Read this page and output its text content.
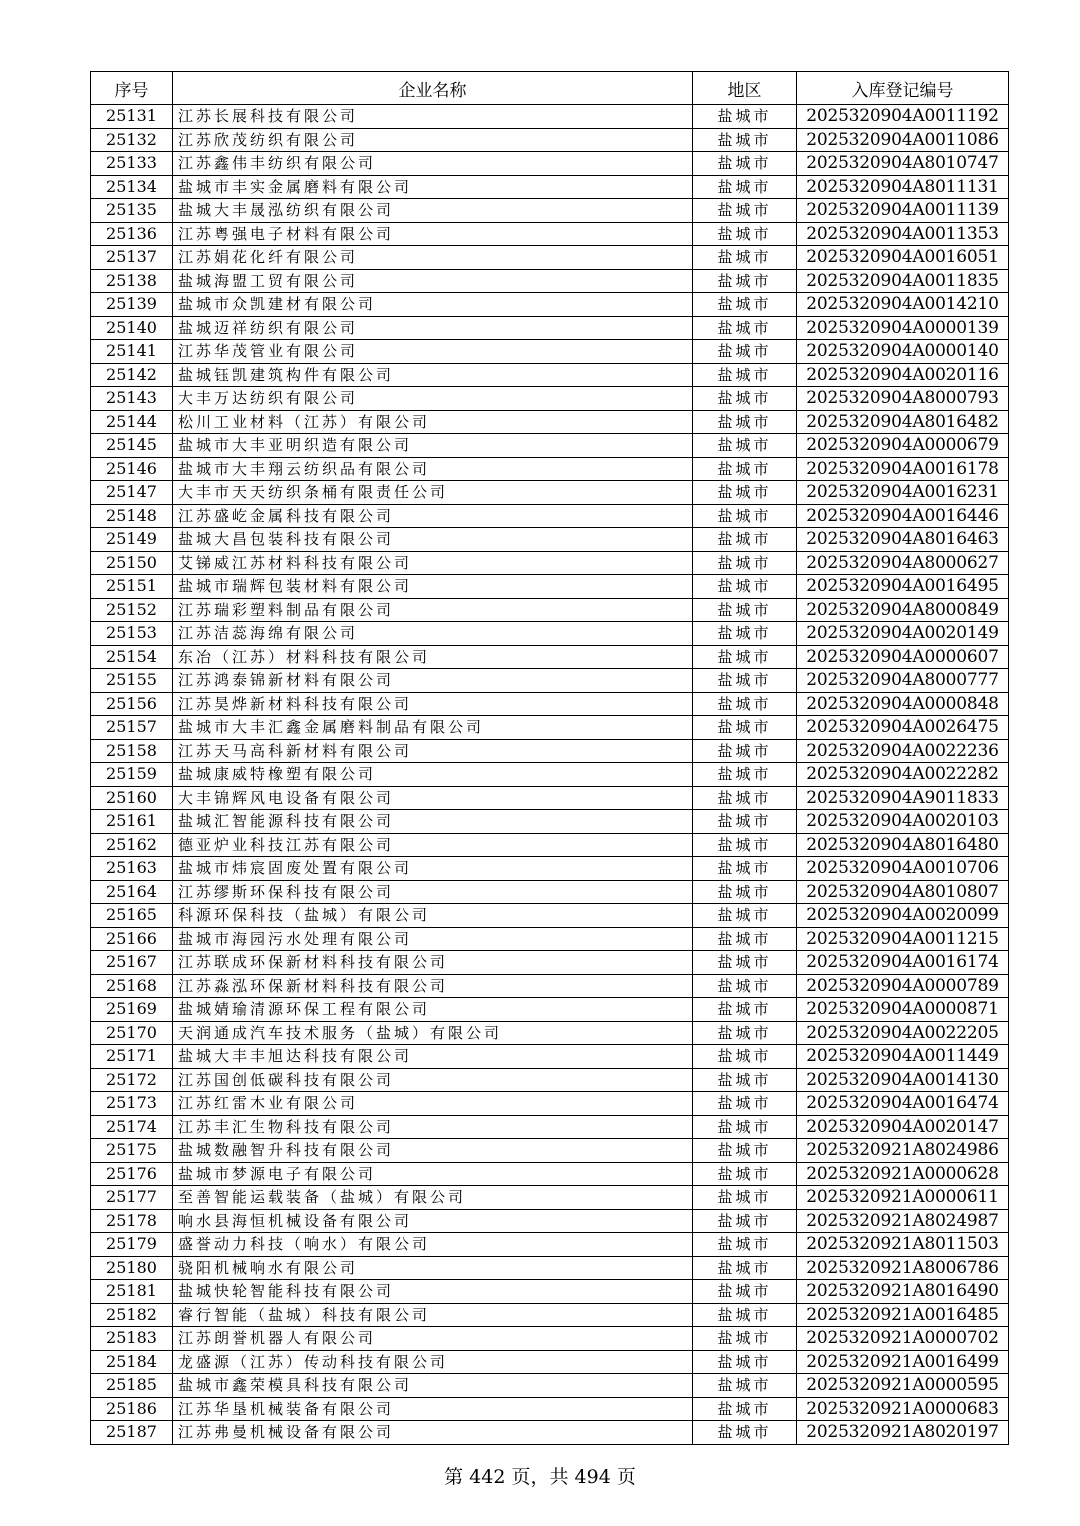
序号	企业名称	地区	入库登记编号
25131	江苏长展科技有限公司	盐城市	2025320904A0011192
25132	江苏欣茂纺织有限公司	盐城市	2025320904A0011086
25133	江苏鑫伟丰纺织有限公司	盐城市	2025320904A8010747
25134	盐城市丰实金属磨料有限公司	盐城市	2025320904A8011131
25135	盐城大丰晟泓纺织有限公司	盐城市	2025320904A0011139
25136	江苏粤强电子材料有限公司	盐城市	2025320904A0011353
25137	江苏娟花化纤有限公司	盐城市	2025320904A0016051
25138	盐城海盟工贸有限公司	盐城市	2025320904A0011835
25139	盐城市众凯建材有限公司	盐城市	2025320904A0014210
25140	盐城迈祥纺织有限公司	盐城市	2025320904A0000139
25141	江苏华茂管业有限公司	盐城市	2025320904A0000140
25142	盐城钰凯建筑构件有限公司	盐城市	2025320904A0020116
25143	大丰万达纺织有限公司	盐城市	2025320904A8000793
25144	松川工业材料（江苏）有限公司	盐城市	2025320904A8016482
25145	盐城市大丰亚明织造有限公司	盐城市	2025320904A0000679
25146	盐城市大丰翔云纺织品有限公司	盐城市	2025320904A0016178
25147	大丰市天天纺织条桶有限责任公司	盐城市	2025320904A0016231
25148	江苏盛屹金属科技有限公司	盐城市	2025320904A0016446
25149	盐城大昌包装科技有限公司	盐城市	2025320904A8016463
25150	艾锑威江苏材料科技有限公司	盐城市	2025320904A8000627
25151	盐城市瑞辉包装材料有限公司	盐城市	2025320904A0016495
25152	江苏瑞彩塑料制品有限公司	盐城市	2025320904A8000849
25153	江苏洁蕊海绵有限公司	盐城市	2025320904A0020149
25154	东冶（江苏）材料科技有限公司	盐城市	2025320904A0000607
25155	江苏鸿泰锦新材料有限公司	盐城市	2025320904A8000777
25156	江苏昊烨新材料科技有限公司	盐城市	2025320904A0000848
25157	盐城市大丰汇鑫金属磨料制品有限公司	盐城市	2025320904A0026475
25158	江苏天马高科新材料有限公司	盐城市	2025320904A0022236
25159	盐城康威特橡塑有限公司	盐城市	2025320904A0022282
25160	大丰锦辉风电设备有限公司	盐城市	2025320904A9011833
25161	盐城汇智能源科技有限公司	盐城市	2025320904A0020103
25162	德亚炉业科技江苏有限公司	盐城市	2025320904A8016480
25163	盐城市炜宸固废处置有限公司	盐城市	2025320904A0010706
25164	江苏缪斯环保科技有限公司	盐城市	2025320904A8010807
25165	科源环保科技（盐城）有限公司	盐城市	2025320904A0020099
25166	盐城市海园污水处理有限公司	盐城市	2025320904A0011215
25167	江苏联成环保新材料科技有限公司	盐城市	2025320904A0016174
25168	江苏淼泓环保新材料科技有限公司	盐城市	2025320904A0000789
25169	盐城婧瑜清源环保工程有限公司	盐城市	2025320904A0000871
25170	天润通成汽车技术服务（盐城）有限公司	盐城市	2025320904A0022205
25171	盐城大丰丰旭达科技有限公司	盐城市	2025320904A0011449
25172	江苏国创低碳科技有限公司	盐城市	2025320904A0014130
25173	江苏红雷木业有限公司	盐城市	2025320904A0016474
25174	江苏丰汇生物科技有限公司	盐城市	2025320904A0020147
25175	盐城数融智升科技有限公司	盐城市	2025320921A8024986
25176	盐城市梦源电子有限公司	盐城市	2025320921A0000628
25177	至善智能运载装备（盐城）有限公司	盐城市	2025320921A0000611
25178	响水县海恒机械设备有限公司	盐城市	2025320921A8024987
25179	盛誉动力科技（响水）有限公司	盐城市	2025320921A8011503
25180	骁阳机械响水有限公司	盐城市	2025320921A8006786
25181	盐城快轮智能科技有限公司	盐城市	2025320921A8016490
25182	睿行智能（盐城）科技有限公司	盐城市	2025320921A0016485
25183	江苏朗誉机器人有限公司	盐城市	2025320921A0000702
25184	龙盛源（江苏）传动科技有限公司	盐城市	2025320921A0016499
25185	盐城市鑫荣模具科技有限公司	盐城市	2025320921A0000595
25186	江苏华垦机械装备有限公司	盐城市	2025320921A0000683
25187	江苏弗曼机械设备有限公司	盐城市	2025320921A8020197
第 442 页，共 494 页
